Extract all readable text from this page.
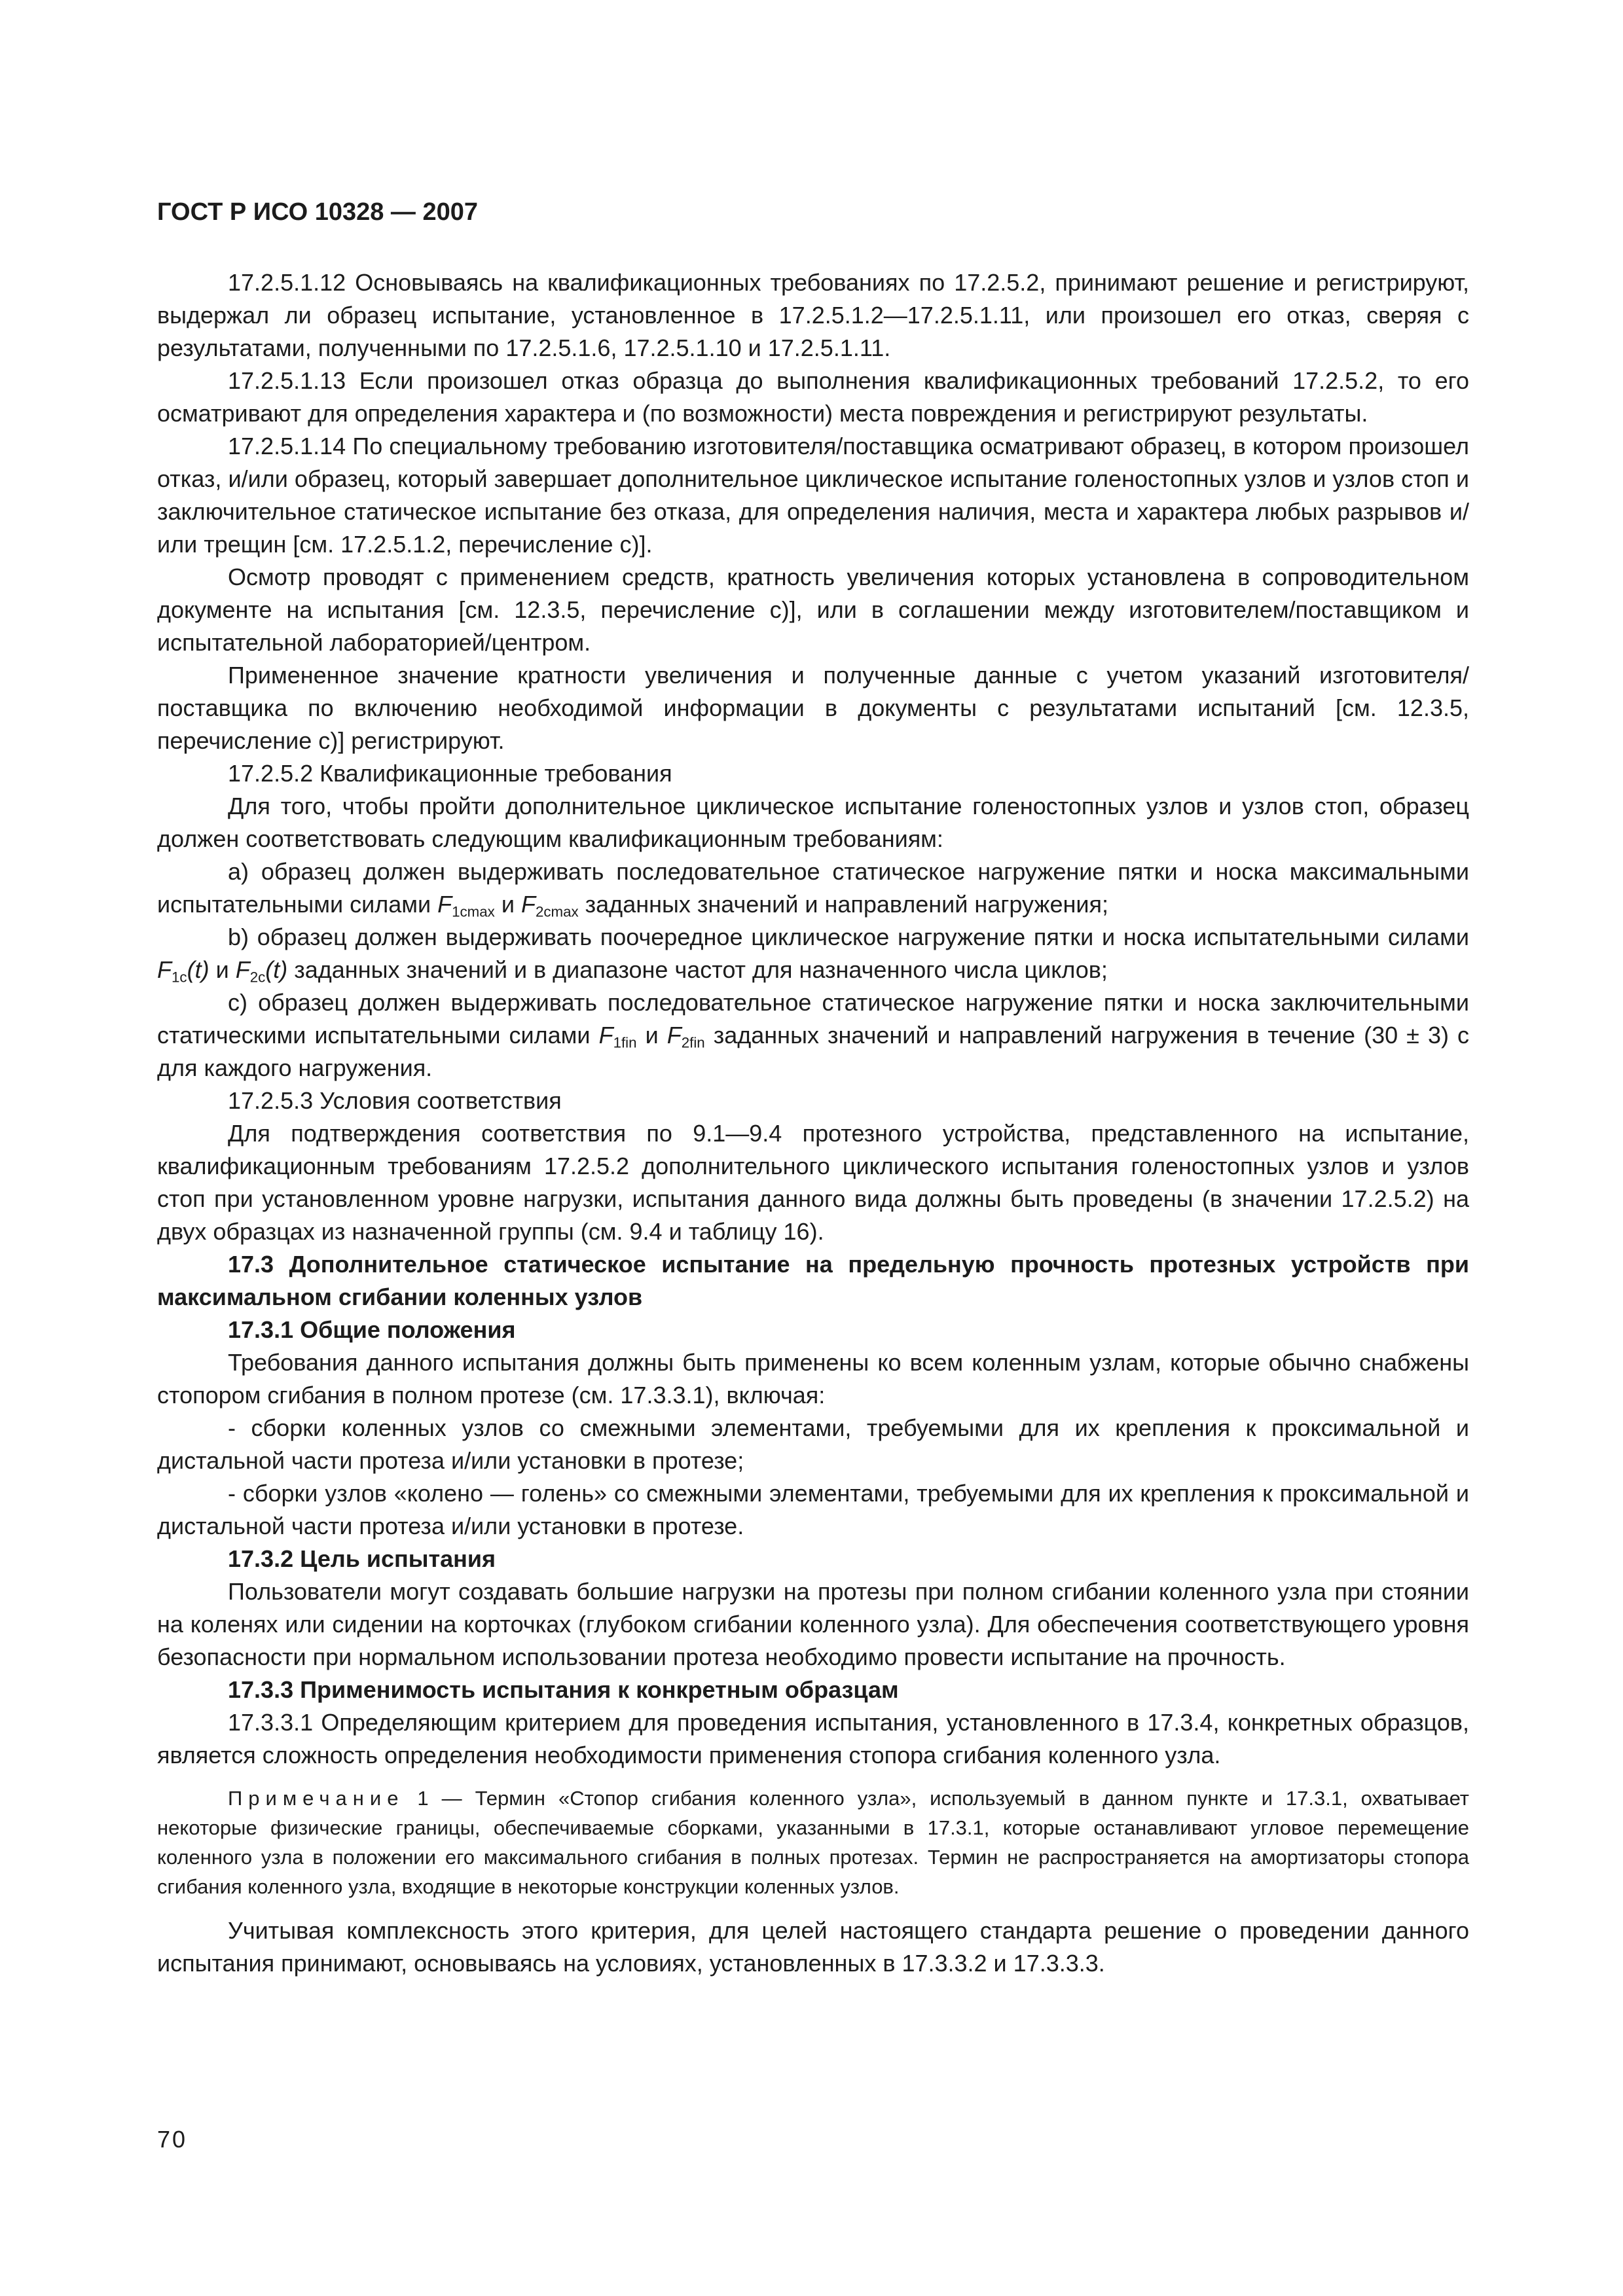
ГОСТ Р ИСО 10328 — 2007

17.2.5.1.12 Основываясь на квалификационных требованиях по 17.2.5.2, принимают решение и регистрируют, выдержал ли образец испытание, установленное в 17.2.5.1.2—17.2.5.1.11, или произошел его отказ, сверяя с результатами, полученными по 17.2.5.1.6, 17.2.5.1.10 и 17.2.5.1.11.

17.2.5.1.13 Если произошел отказ образца до выполнения квалификационных требований 17.2.5.2, то его осматривают для определения характера и (по возможности) места повреждения и регистрируют результаты.

17.2.5.1.14 По специальному требованию изготовителя/поставщика осматривают образец, в котором произошел отказ, и/или образец, который завершает дополнительное циклическое испытание голеностопных узлов и узлов стоп и заключительное статическое испытание без отказа, для определения наличия, места и характера любых разрывов и/или трещин [см. 17.2.5.1.2, перечисление с)].

Осмотр проводят с применением средств, кратность увеличения которых установлена в сопроводительном документе на испытания [см. 12.3.5, перечисление с)], или в соглашении между изготовителем/поставщиком и испытательной лабораторией/центром.

Примененное значение кратности увеличения и полученные данные с учетом указаний изготовителя/поставщика по включению необходимой информации в документы с результатами испытаний [см. 12.3.5, перечисление с)] регистрируют.

17.2.5.2 Квалификационные требования

Для того, чтобы пройти дополнительное циклическое испытание голеностопных узлов и узлов стоп, образец должен соответствовать следующим квалификационным требованиям:

а) образец должен выдерживать последовательное статическое нагружение пятки и носка максимальными испытательными силами $F_{1cmax}$ и $F_{2cmax}$ заданных значений и направлений нагружения;

b) образец должен выдерживать поочередное циклическое нагружение пятки и носка испытательными силами $F_{1c}(t)$ и $F_{2c}(t)$ заданных значений и в диапазоне частот для назначенного числа циклов;

с) образец должен выдерживать последовательное статическое нагружение пятки и носка заключительными статическими испытательными силами $F_{1fin}$ и $F_{2fin}$ заданных значений и направлений нагружения в течение (30 ± 3) с для каждого нагружения.

17.2.5.3 Условия соответствия

Для подтверждения соответствия по 9.1—9.4 протезного устройства, представленного на испытание, квалификационным требованиям 17.2.5.2 дополнительного циклического испытания голеностопных узлов и узлов стоп при установленном уровне нагрузки, испытания данного вида должны быть проведены (в значении 17.2.5.2) на двух образцах из назначенной группы (см. 9.4 и таблицу 16).

17.3 Дополнительное статическое испытание на предельную прочность протезных устройств при максимальном сгибании коленных узлов

17.3.1 Общие положения

Требования данного испытания должны быть применены ко всем коленным узлам, которые обычно снабжены стопором сгибания в полном протезе (см. 17.3.3.1), включая:

- сборки коленных узлов со смежными элементами, требуемыми для их крепления к проксимальной и дистальной части протеза и/или установки в протезе;

- сборки узлов «колено — голень» со смежными элементами, требуемыми для их крепления к проксимальной и дистальной части протеза и/или установки в протезе.

17.3.2 Цель испытания

Пользователи могут создавать большие нагрузки на протезы при полном сгибании коленного узла при стоянии на коленях или сидении на корточках (глубоком сгибании коленного узла). Для обеспечения соответствующего уровня безопасности при нормальном использовании протеза необходимо провести испытание на прочность.

17.3.3 Применимость испытания к конкретным образцам

17.3.3.1 Определяющим критерием для проведения испытания, установленного в 17.3.4, конкретных образцов, является сложность определения необходимости применения стопора сгибания коленного узла.

Примечание 1 — Термин «Стопор сгибания коленного узла», используемый в данном пункте и 17.3.1, охватывает некоторые физические границы, обеспечиваемые сборками, указанными в 17.3.1, которые останавливают угловое перемещение коленного узла в положении его максимального сгибания в полных протезах. Термин не распространяется на амортизаторы стопора сгибания коленного узла, входящие в некоторые конструкции коленных узлов.

Учитывая комплексность этого критерия, для целей настоящего стандарта решение о проведении данного испытания принимают, основываясь на условиях, установленных в 17.3.3.2 и 17.3.3.3.

70
